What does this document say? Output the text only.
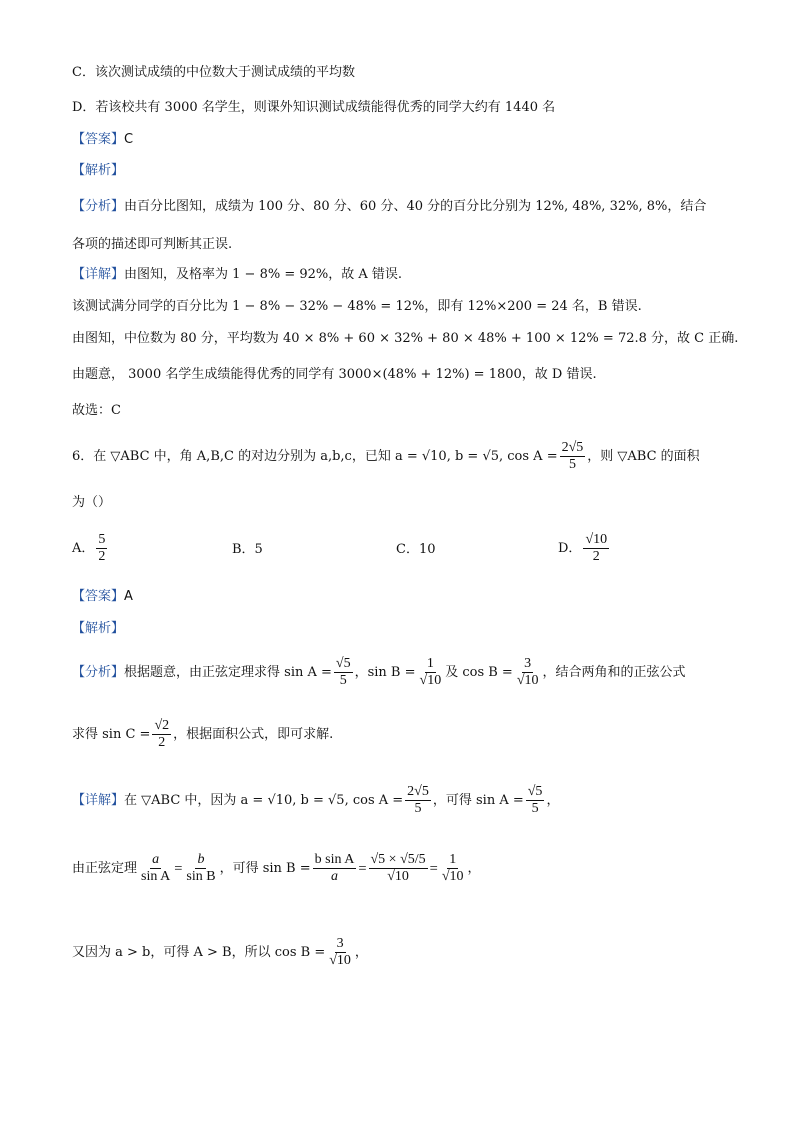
C．该次测试成绩的中位数大于测试成绩的平均数
D．若该校共有 3000 名学生，则课外知识测试成绩能得优秀的同学大约有 1440 名
【答案】C
【解析】
【分析】由百分比图知，成绩为 100 分、80 分、60 分、40 分的百分比分别为 12%, 48%, 32%, 8%，结合
各项的描述即可判断其正误.
【详解】由图知，及格率为 1 − 8% = 92%，故 A 错误.
该测试满分同学的百分比为 1 − 8% − 32% − 48% = 12%，即有 12%×200 = 24 名，B 错误.
由图知，中位数为 80 分，平均数为 40 × 8% + 60 × 32% + 80 × 48% + 100 × 12% = 72.8 分，故 C 正确.
由题意， 3000 名学生成绩能得优秀的同学有 3000×(48% + 12%) = 1800，故 D 错误.
故选：C
6．在 ▽ABC 中，角 A,B,C 的对边分别为 a,b,c，已知 a = √10, b = √5, $\cos A = \frac{2√5}{5}$ ，则 ▽ABC 的面积
为（）
A． $\frac{5}{2}$	B．5	C．10	D． $\frac{√10}{2}$
【答案】A
【解析】
【分析】 根据题意，由正弦定理求得 $\sin A = \frac{√5}{5}$ ，$\sin B = \frac{1}{√10}$ 及 $\cos B = \frac{3}{√10}$ ，结合两角和的正弦公式
求得 $\sin C = \frac{√2}{2}$ ，根据面积公式，即可求解.
【详解】 在 ▽ABC 中，因为 a = √10, b = √5, $\cos A = \frac{2√5}{5}$ ，可得 $\sin A = \frac{√5}{5}$ ，
由正弦定理 $\frac{a}{\text{sin A}} = \frac{b}{\text{sin B}}$ ，可得 $\sin B = \frac{\text{b sin A}}{a} = \frac{√5 \times √5/5}{√10} = \frac{1}{√10}$ ，
又因为 a > b，可得 A > B，所以 $\cos B = \frac{3}{√10}$ ，
